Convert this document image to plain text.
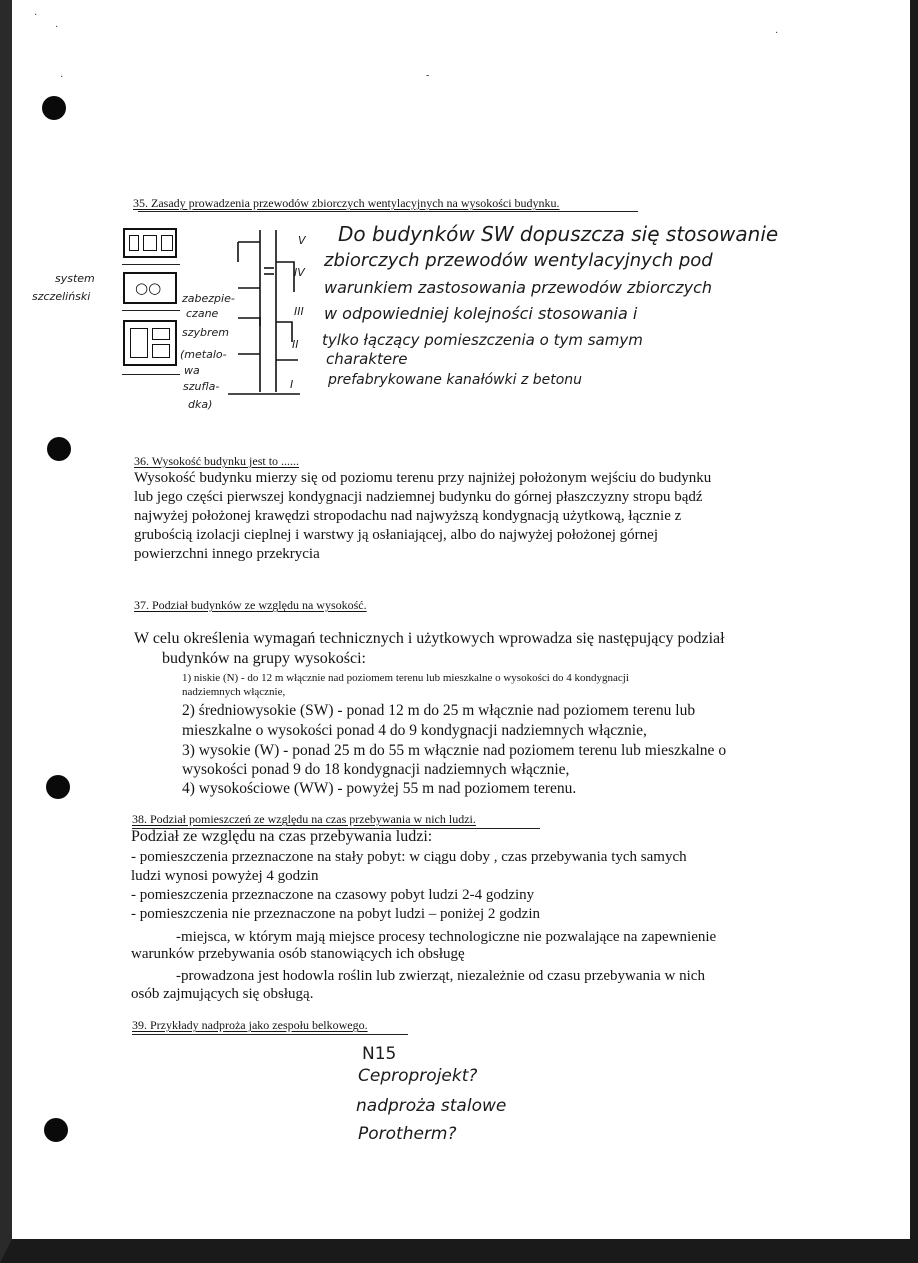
·
·
·	-
·
35. Zasady prowadzenia przewodów zbiorczych wentylacyjnych na wysokości budynku.
system
szczeliński	○○
zabezpie-
czane
szybrem
(metalo-
wa
szufla-
dka)
V
IV
III
II
I
Do budynków SW dopuszcza się stosowanie
zbiorczych przewodów wentylacyjnych pod
warunkiem zastosowania przewodów zbiorczych
w odpowiedniej kolejności stosowania i
tylko łączący pomieszczenia o tym samym
charaktere
prefabrykowane kanałówki z betonu
36. Wysokość budynku jest to ......
Wysokość budynku mierzy się od poziomu terenu przy najniżej położonym wejściu do budynku
lub jego części pierwszej kondygnacji nadziemnej budynku do górnej płaszczyzny stropu bądź
najwyżej położonej krawędzi stropodachu nad najwyższą kondygnacją użytkową, łącznie z
grubością izolacji cieplnej i warstwy ją osłaniającej, albo do najwyżej położonej górnej
powierzchni innego przekrycia
37. Podział budynków ze względu na wysokość.
W celu określenia wymagań technicznych i użytkowych wprowadza się następujący podział
budynków na grupy wysokości:
1) niskie (N) - do 12 m włącznie nad poziomem terenu lub mieszkalne o wysokości do 4 kondygnacji
nadziemnych włącznie,
2) średniowysokie (SW) - ponad 12 m do 25 m włącznie nad poziomem terenu lub
mieszkalne o wysokości ponad 4 do 9 kondygnacji nadziemnych włącznie,
3) wysokie (W) - ponad 25 m do 55 m włącznie nad poziomem terenu lub mieszkalne o
wysokości ponad 9 do 18 kondygnacji nadziemnych włącznie,
4) wysokościowe (WW) - powyżej 55 m nad poziomem terenu.
38. Podział pomieszczeń ze względu na czas przebywania w nich ludzi.
Podział ze względu na czas przebywania ludzi:
- pomieszczenia przeznaczone na stały pobyt: w ciągu doby , czas przebywania tych samych
ludzi wynosi powyżej 4 godzin
- pomieszczenia przeznaczone na czasowy pobyt ludzi 2-4 godziny
- pomieszczenia nie przeznaczone na pobyt ludzi – poniżej 2 godzin
-miejsca, w którym mają miejsce procesy technologiczne nie pozwalające na zapewnienie
warunków przebywania osób stanowiących ich obsługę
-prowadzona jest hodowla roślin lub zwierząt, niezależnie od czasu przebywania w nich
osób zajmujących się obsługą.
39. Przykłady nadproża jako zespołu belkowego.
N15
Ceproprojekt?
nadproża stalowe
Porotherm?
